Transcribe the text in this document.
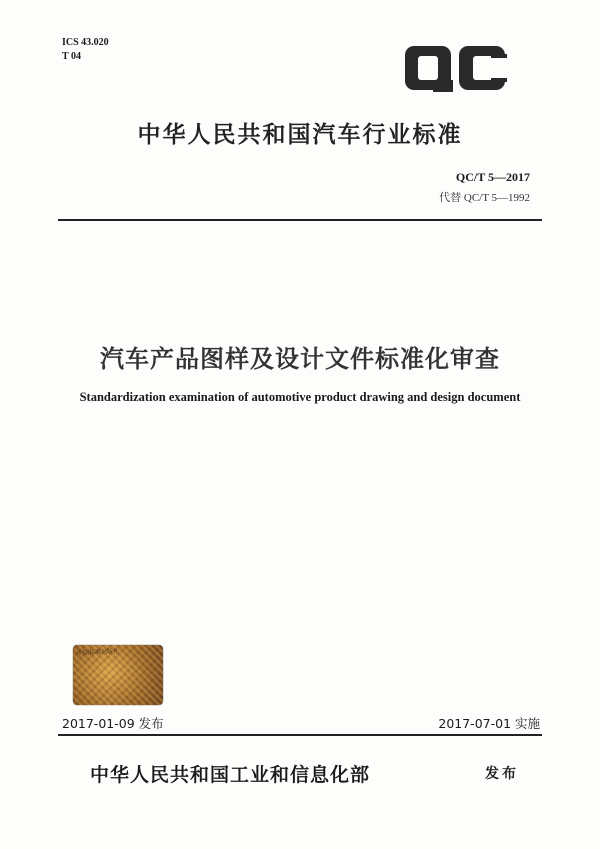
ICS 43.020
T 04
中华人民共和国汽车行业标准
QC/T 5—2017
代替 QC/T 5—1992
汽车产品图样及设计文件标准化审查
Standardization examination of automotive product drawing and design document
中国标准出版社
2017-01-09 发布	2017-07-01 实施
中华人民共和国工业和信息化部	发布
